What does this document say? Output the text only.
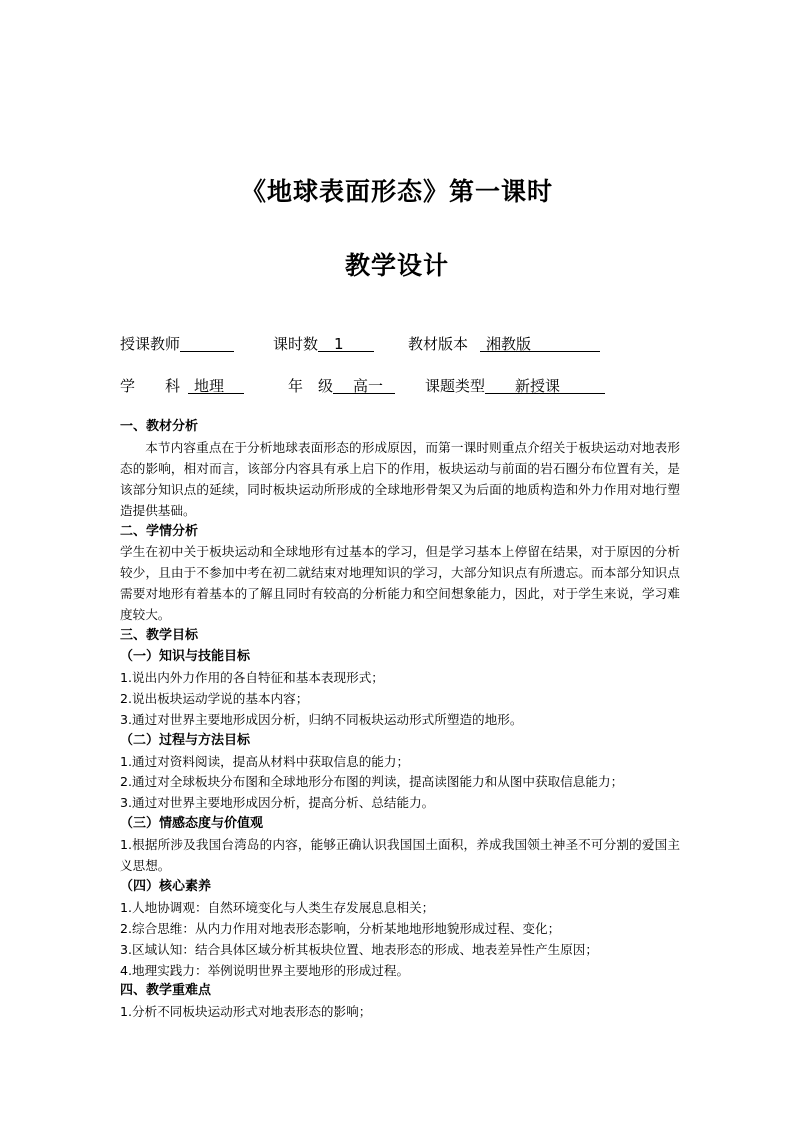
《地球表面形态》第一课时
教学设计
授课教师	课时数 1	教材版本 湘教版
学　　科 地理	年　级 高一	课题类型 新授课

一、教材分析

本节内容重点在于分析地球表面形态的形成原因，而第一课时则重点介绍关于板块运动对地表形态的影响，相对而言，该部分内容具有承上启下的作用，板块运动与前面的岩石圈分布位置有关，是该部分知识点的延续，同时板块运动所形成的全球地形骨架又为后面的地质构造和外力作用对地行塑造提供基础。

二、学情分析

学生在初中关于板块运动和全球地形有过基本的学习，但是学习基本上停留在结果，对于原因的分析较少，且由于不参加中考在初二就结束对地理知识的学习，大部分知识点有所遗忘。而本部分知识点需要对地形有着基本的了解且同时有较高的分析能力和空间想象能力，因此，对于学生来说，学习难度较大。

三、教学目标

（一）知识与技能目标

1.说出内外力作用的各自特征和基本表现形式；

2.说出板块运动学说的基本内容；

3.通过对世界主要地形成因分析，归纳不同板块运动形式所塑造的地形。

（二）过程与方法目标

1.通过对资料阅读，提高从材料中获取信息的能力；

2.通过对全球板块分布图和全球地形分布图的判读，提高读图能力和从图中获取信息能力；

3.通过对世界主要地形成因分析，提高分析、总结能力。

（三）情感态度与价值观

1.根据所涉及我国台湾岛的内容，能够正确认识我国国土面积，养成我国领土神圣不可分割的爱国主义思想。

（四）核心素养

1.人地协调观：自然环境变化与人类生存发展息息相关；

2.综合思维：从内力作用对地表形态影响，分析某地地形地貌形成过程、变化；

3.区域认知：结合具体区域分析其板块位置、地表形态的形成、地表差异性产生原因；

4.地理实践力：举例说明世界主要地形的形成过程。

四、教学重难点

1.分析不同板块运动形式对地表形态的影响；
